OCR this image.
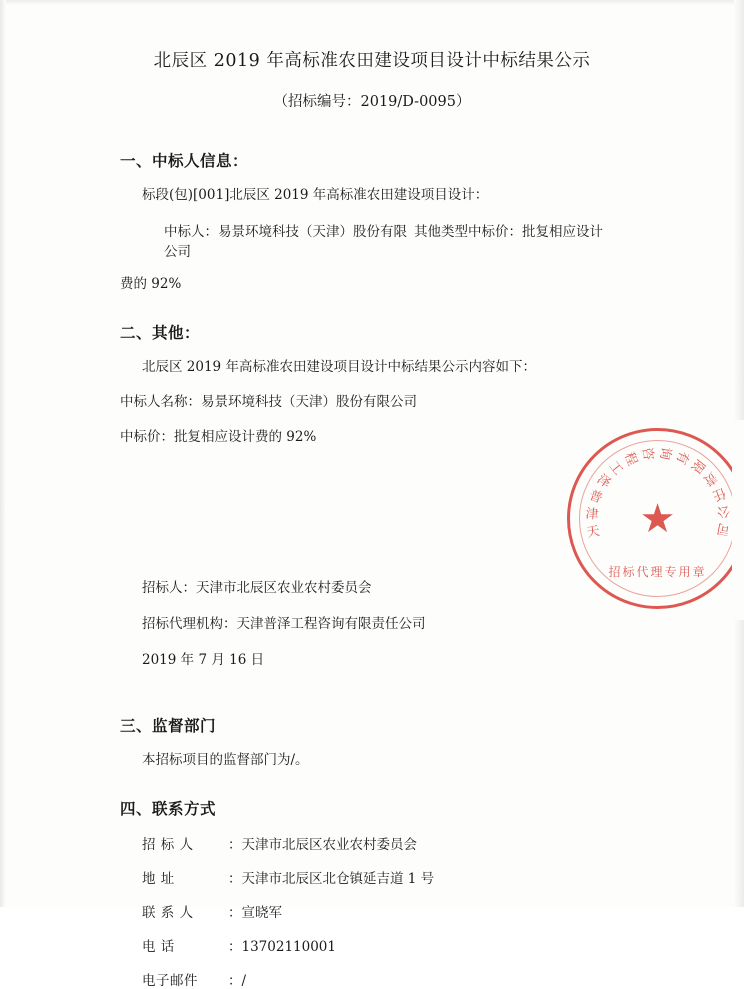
北辰区 2019 年高标准农田建设项目设计中标结果公示
（招标编号：2019/D-0095）
一、中标人信息：
标段(包)[001]北辰区 2019 年高标准农田建设项目设计：
中标人：易景环境科技（天津）股份有限公司
其他类型中标价：批复相应设计
费的 92%
二、其他：
北辰区 2019 年高标准农田建设项目设计中标结果公示内容如下：
中标人名称：易景环境科技（天津）股份有限公司
中标价：批复相应设计费的 92%
招标人：天津市北辰区农业农村委员会
招标代理机构：天津普泽工程咨询有限责任公司
2019 年 7 月 16 日
三、监督部门
本招标项目的监督部门为/。
四、联系方式
招 标 人	：天津市北辰区农业农村委员会
地 址	：天津市北辰区北仓镇延吉道 1 号
联 系 人	：宣晓军
电 话	：13702110001
电子邮件	：/
天
津
普
泽
工
程 咨 询 有
限
责
任
公
司
★
招标代理专用章
